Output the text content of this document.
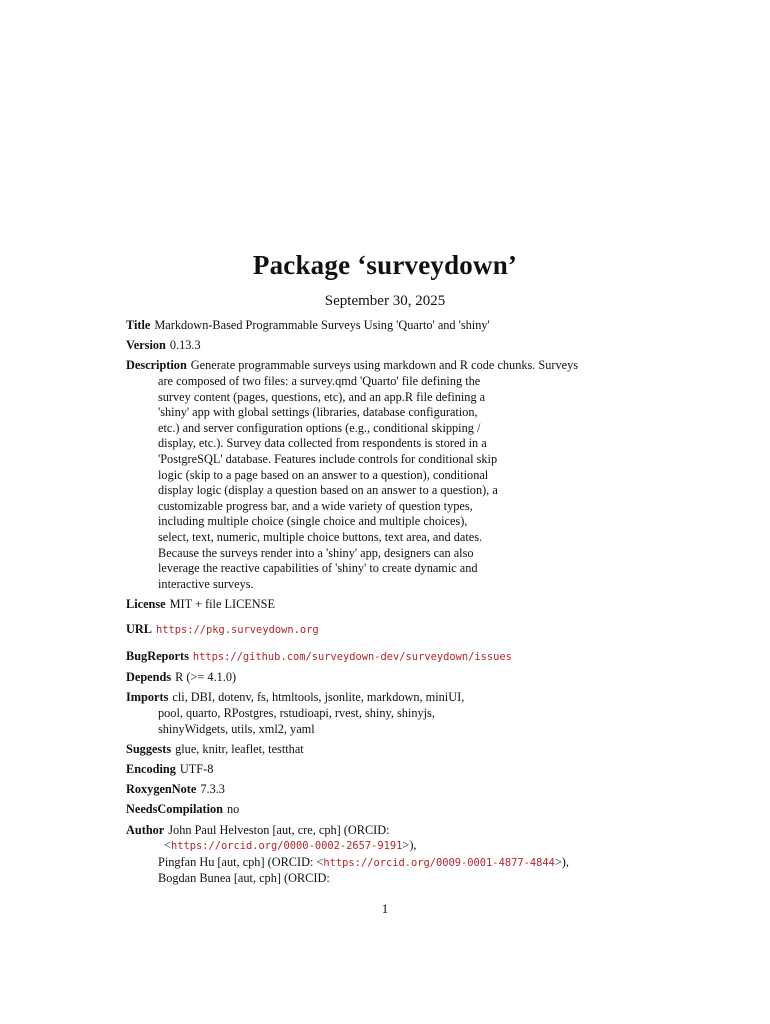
Package ‘surveydown’
September 30, 2025
Title Markdown-Based Programmable Surveys Using 'Quarto' and 'shiny'
Version 0.13.3
Description Generate programmable surveys using markdown and R code chunks. Surveys
are composed of two files: a survey.qmd 'Quarto' file defining the
survey content (pages, questions, etc), and an app.R file defining a
'shiny' app with global settings (libraries, database configuration,
etc.) and server configuration options (e.g., conditional skipping /
display, etc.). Survey data collected from respondents is stored in a
'PostgreSQL' database. Features include controls for conditional skip
logic (skip to a page based on an answer to a question), conditional
display logic (display a question based on an answer to a question), a
customizable progress bar, and a wide variety of question types,
including multiple choice (single choice and multiple choices),
select, text, numeric, multiple choice buttons, text area, and dates.
Because the surveys render into a 'shiny' app, designers can also
leverage the reactive capabilities of 'shiny' to create dynamic and
interactive surveys.
License MIT + file LICENSE
URL https://pkg.surveydown.org
BugReports https://github.com/surveydown-dev/surveydown/issues
Depends R (>= 4.1.0)
Imports cli, DBI, dotenv, fs, htmltools, jsonlite, markdown, miniUI,
pool, quarto, RPostgres, rstudioapi, rvest, shiny, shinyjs,
shinyWidgets, utils, xml2, yaml
Suggests glue, knitr, leaflet, testthat
Encoding UTF-8
RoxygenNote 7.3.3
NeedsCompilation no
Author John Paul Helveston [aut, cre, cph] (ORCID:
<https://orcid.org/0000-0002-2657-9191>),
Pingfan Hu [aut, cph] (ORCID: <https://orcid.org/0009-0001-4877-4844>),
Bogdan Bunea [aut, cph] (ORCID:
1
